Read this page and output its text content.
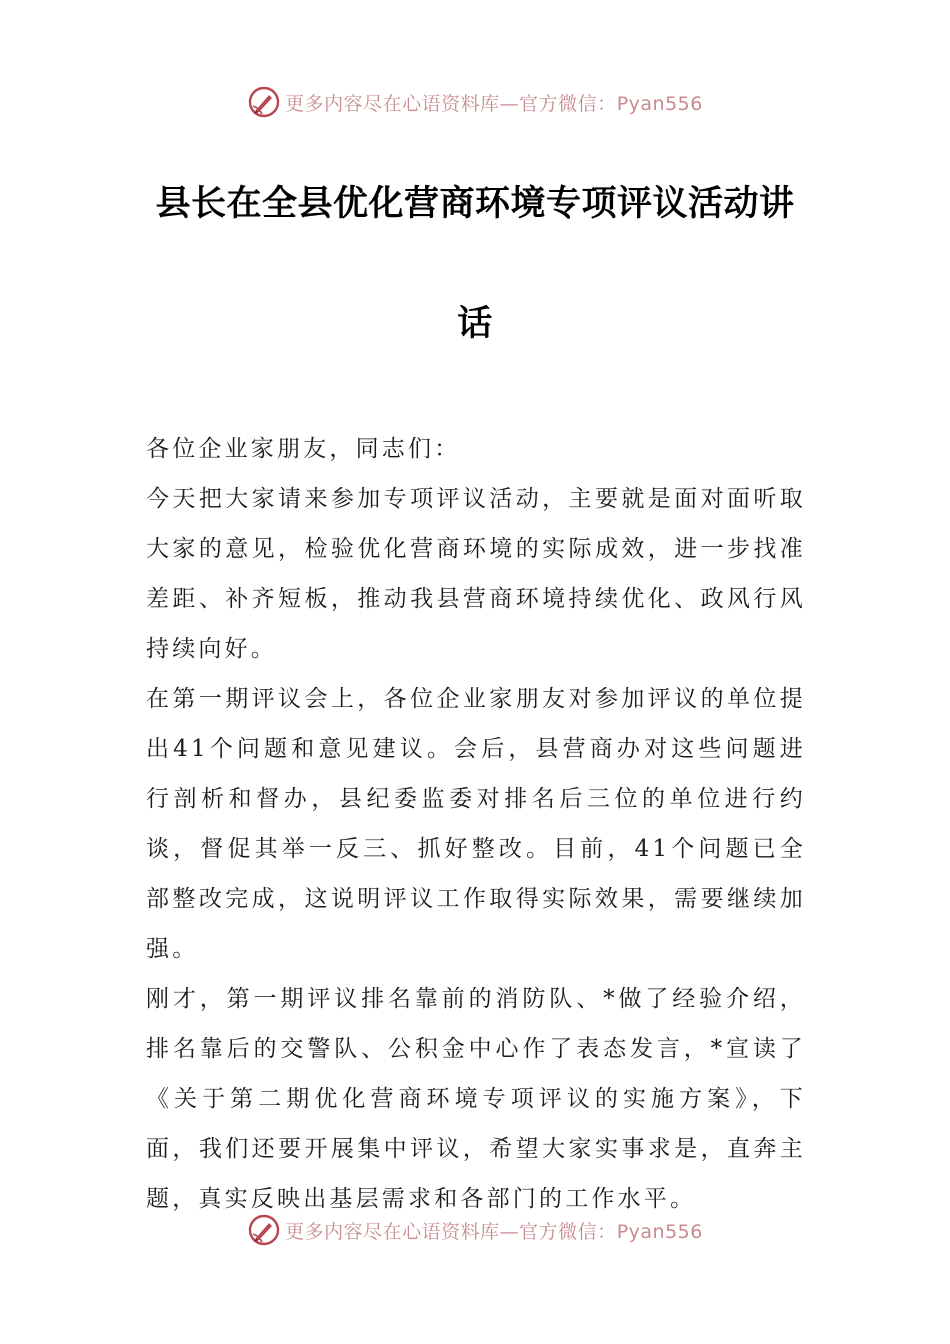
更多内容尽在心语资料库—官方微信：Pyan556
县长在全县优化营商环境专项评议活动讲
话

各位企业家朋友，同志们：

今天把大家请来参加专项评议活动，主要就是面对面听取大家的意见，检验优化营商环境的实际成效，进一步找准差距、补齐短板，推动我县营商环境持续优化、政风行风持续向好。

在第一期评议会上，各位企业家朋友对参加评议的单位提出41个问题和意见建议。会后，县营商办对这些问题进行剖析和督办，县纪委监委对排名后三位的单位进行约谈，督促其举一反三、抓好整改。目前，41个问题已全部整改完成，这说明评议工作取得实际效果，需要继续加强。

刚才，第一期评议排名靠前的消防队、*做了经验介绍，排名靠后的交警队、公积金中心作了表态发言，*宣读了《关于第二期优化营商环境专项评议的实施方案》，下面，我们还要开展集中评议，希望大家实事求是，直奔主题，真实反映出基层需求和各部门的工作水平。

更多内容尽在心语资料库—官方微信：Pyan556
